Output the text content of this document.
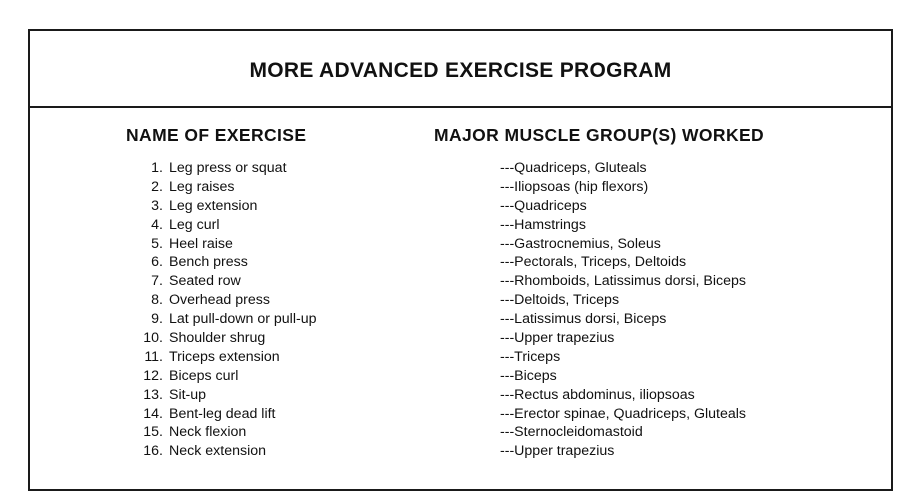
MORE ADVANCED EXERCISE PROGRAM
NAME OF EXERCISE	MAJOR MUSCLE GROUP(S) WORKED
1. Leg press or squat
2. Leg raises
3. Leg extension
4. Leg curl
5. Heel raise
6. Bench press
7. Seated row
8. Overhead press
9. Lat pull-down or pull-up
10. Shoulder shrug
11. Triceps extension
12. Biceps curl
13. Sit-up
14. Bent-leg dead lift
15. Neck flexion
16. Neck extension
---Quadriceps, Gluteals
---Iliopsoas (hip flexors)
---Quadriceps
---Hamstrings
---Gastrocnemius, Soleus
---Pectorals, Triceps, Deltoids
---Rhomboids, Latissimus dorsi, Biceps
---Deltoids, Triceps
---Latissimus dorsi, Biceps
---Upper trapezius
---Triceps
---Biceps
---Rectus abdominus, iliopsoas
---Erector spinae, Quadriceps, Gluteals
---Sternocleidomastoid
---Upper trapezius
